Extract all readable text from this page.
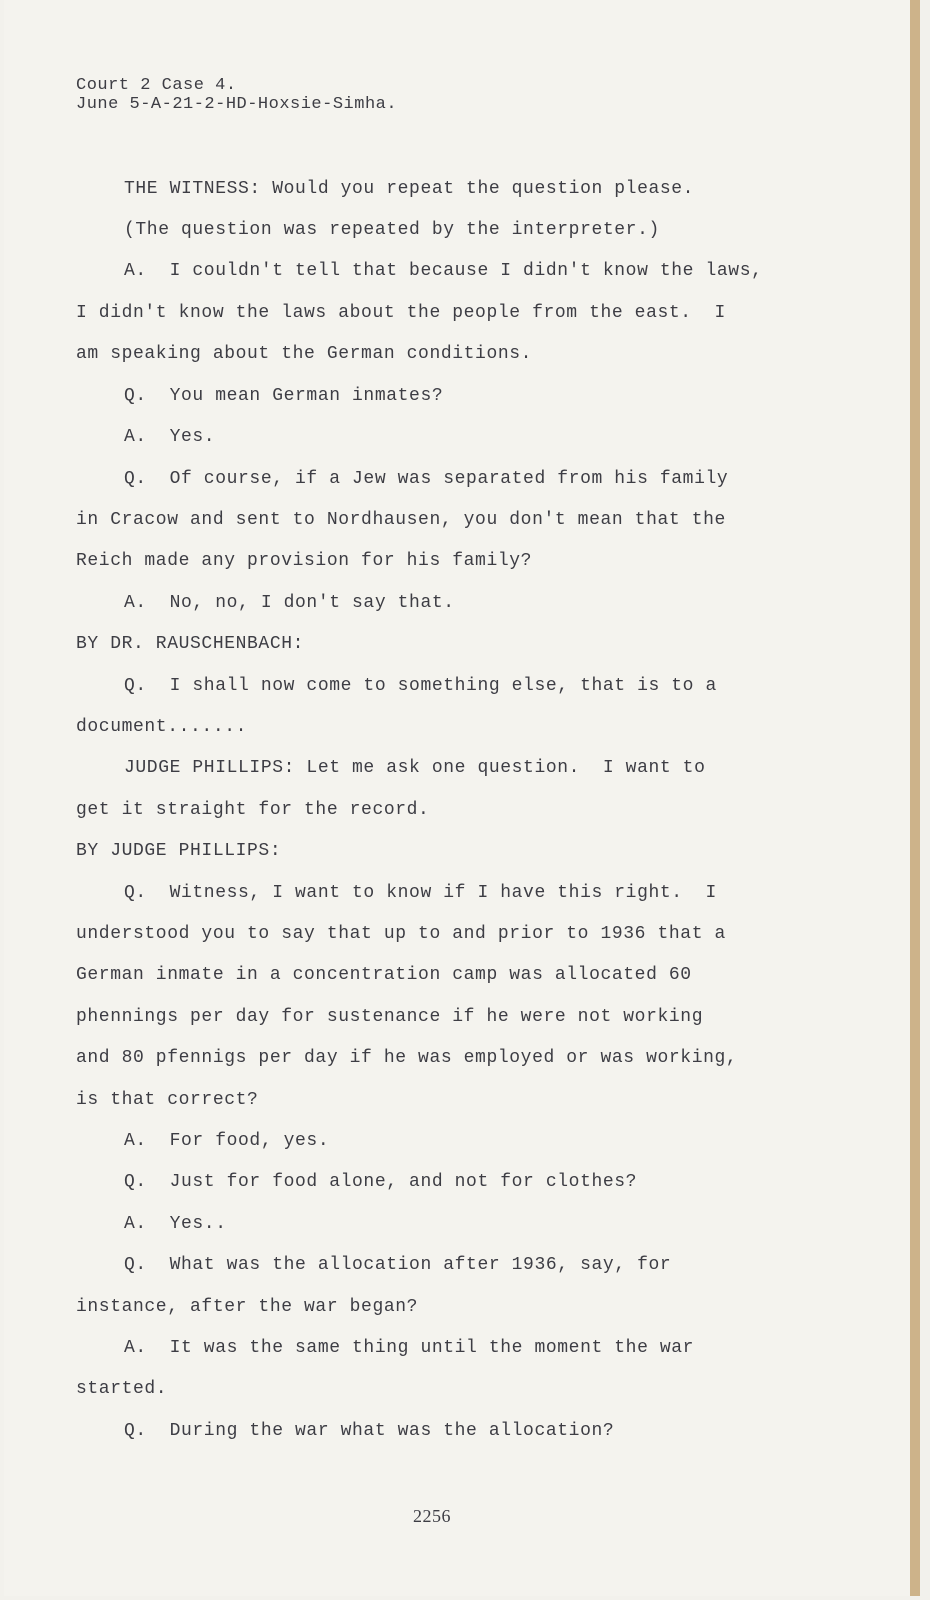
Court 2 Case 4.
June 5-A-21-2-HD-Hoxsie-Simha.
THE WITNESS: Would you repeat the question please.
(The question was repeated by the interpreter.)
A.  I couldn't tell that because I didn't know the laws,
I didn't know the laws about the people from the east.  I
am speaking about the German conditions.
Q.  You mean German inmates?
A.  Yes.
Q.  Of course, if a Jew was separated from his family
in Cracow and sent to Nordhausen, you don't mean that the
Reich made any provision for his family?
A.  No, no, I don't say that.
BY DR. RAUSCHENBACH:
Q.  I shall now come to something else, that is to a
document.......
JUDGE PHILLIPS: Let me ask one question.  I want to
get it straight for the record.
BY JUDGE PHILLIPS:
Q.  Witness, I want to know if I have this right.  I
understood you to say that up to and prior to 1936 that a
German inmate in a concentration camp was allocated 60
phennings per day for sustenance if he were not working
and 80 pfennigs per day if he was employed or was working,
is that correct?
A.  For food, yes.
Q.  Just for food alone, and not for clothes?
A.  Yes..
Q.  What was the allocation after 1936, say, for
instance, after the war began?
A.  It was the same thing until the moment the war
started.
Q.  During the war what was the allocation?
2256
